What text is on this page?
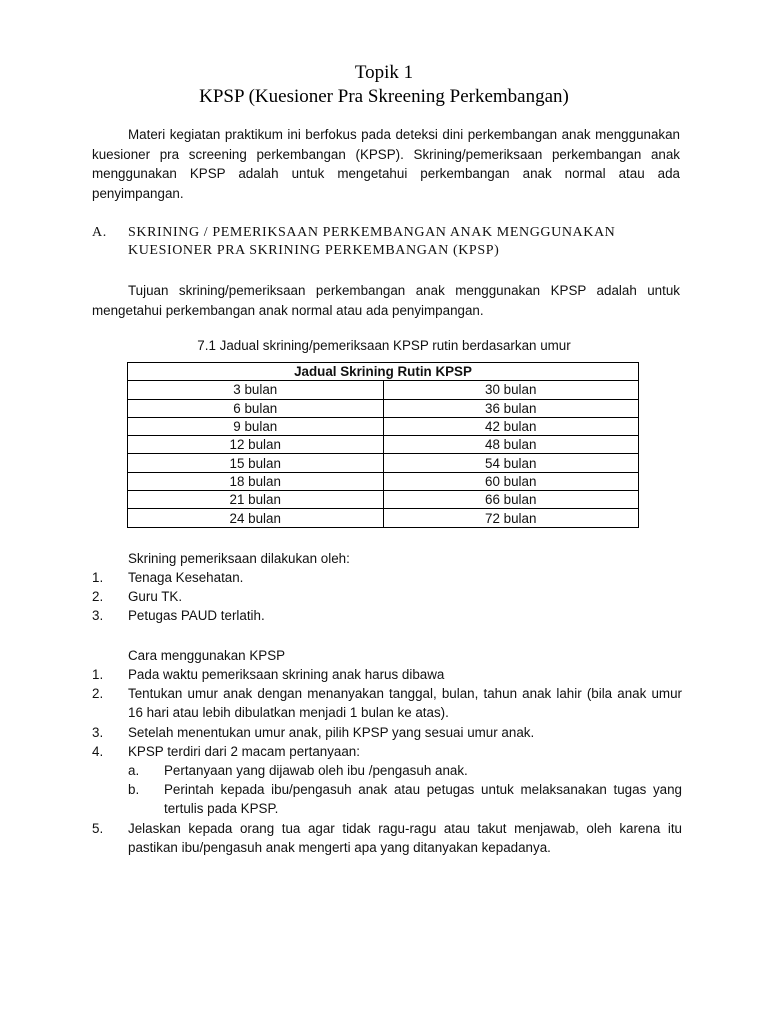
Topik 1
KPSP (Kuesioner Pra Skreening Perkembangan)
Materi kegiatan praktikum ini berfokus pada deteksi dini perkembangan anak menggunakan kuesioner pra screening perkembangan (KPSP). Skrining/pemeriksaan perkembangan anak menggunakan KPSP adalah untuk mengetahui perkembangan anak normal atau ada penyimpangan.
A. SKRINING / PEMERIKSAAN PERKEMBANGAN ANAK MENGGUNAKAN KUESIONER PRA SKRINING PERKEMBANGAN (KPSP)
Tujuan skrining/pemeriksaan perkembangan anak menggunakan KPSP adalah untuk mengetahui perkembangan anak normal atau ada penyimpangan.
7.1 Jadual skrining/pemeriksaan KPSP rutin berdasarkan umur
Jadual Skrining Rutin KPSP	
3 bulan	30 bulan
6 bulan	36 bulan
9 bulan	42 bulan
12 bulan	48 bulan
15 bulan	54 bulan
18 bulan	60 bulan
21 bulan	66 bulan
24 bulan	72 bulan
Skrining pemeriksaan dilakukan oleh:
1. Tenaga Kesehatan.
2. Guru TK.
3. Petugas PAUD terlatih.
Cara menggunakan KPSP
1. Pada waktu pemeriksaan skrining anak harus dibawa
2. Tentukan umur anak dengan menanyakan tanggal, bulan, tahun anak lahir (bila anak umur 16 hari atau lebih dibulatkan menjadi 1 bulan ke atas).
3. Setelah menentukan umur anak, pilih KPSP yang sesuai umur anak.
4. KPSP terdiri dari 2 macam pertanyaan:
a. Pertanyaan yang dijawab oleh ibu /pengasuh anak.
b. Perintah kepada ibu/pengasuh anak atau petugas untuk melaksanakan tugas yang tertulis pada KPSP.
5. Jelaskan kepada orang tua agar tidak ragu-ragu atau takut menjawab, oleh karena itu pastikan ibu/pengasuh anak mengerti apa yang ditanyakan kepadanya.
